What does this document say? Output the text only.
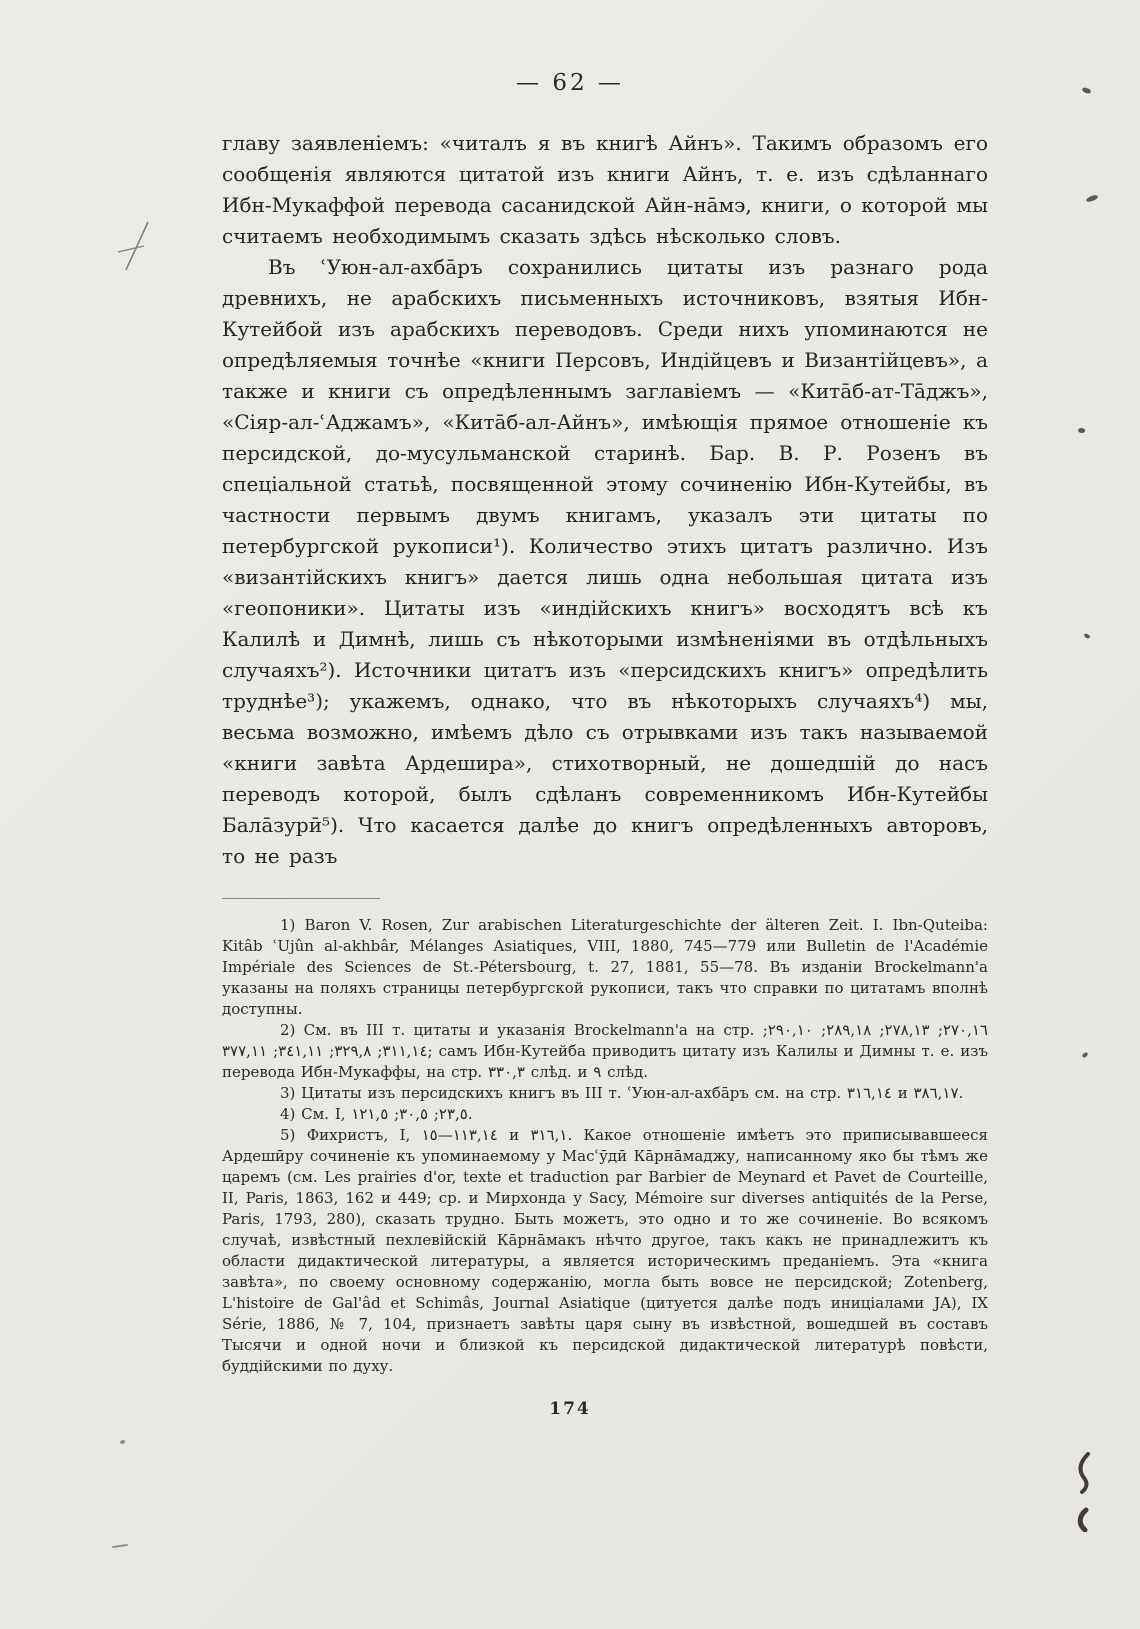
— 62 —

главу заявленіемъ: «читалъ я въ книгѣ Айнъ». Такимъ образомъ его сообщенія являются цитатой изъ книги Айнъ, т. е. изъ сдѣланнаго Ибн-Мукаффой перевода сасанидской Айн-нāмэ, книги, о которой мы считаемъ необходимымъ сказать здѣсь нѣсколько словъ.

Въ ʿУюн-ал-ахбāръ сохранились цитаты изъ разнаго рода древнихъ, не арабскихъ письменныхъ источниковъ, взятыя Ибн-Кутейбой изъ арабскихъ переводовъ. Среди нихъ упоминаются не опредѣляемыя точнѣе «книги Персовъ, Индійцевъ и Византійцевъ», а также и книги съ опредѣленнымъ заглавіемъ — «Китāб-ат-Тāджъ», «Сіяр-ал-ʿАджамъ», «Китāб-ал-Айнъ», имѣющія прямое отношеніе къ персидской, до-мусульманской старинѣ. Бар. В. Р. Розенъ въ спеціальной статьѣ, посвященной этому сочиненію Ибн-Кутейбы, въ частности первымъ двумъ книгамъ, указалъ эти цитаты по петербургской рукописи¹). Количество этихъ цитатъ различно. Изъ «византійскихъ книгъ» дается лишь одна небольшая цитата изъ «геопоники». Цитаты изъ «индійскихъ книгъ» восходятъ всѣ къ Калилѣ и Димнѣ, лишь съ нѣкоторыми измѣненіями въ отдѣльныхъ случаяхъ²). Источники цитатъ изъ «персидскихъ книгъ» опредѣлить труднѣе³); укажемъ, однако, что въ нѣкоторыхъ случаяхъ⁴) мы, весьма возможно, имѣемъ дѣло съ отрывками изъ такъ называемой «книги завѣта Ардешира», стихотворный, не дошедшій до насъ переводъ которой, былъ сдѣланъ современникомъ Ибн-Кутейбы Балāзурӣ⁵). Что касается далѣе до книгъ опредѣленныхъ авторовъ, то не разъ

1) Baron V. Rosen, Zur arabischen Literaturgeschichte der älteren Zeit. I. Ibn-Quteiba: Kitâb ʿUjûn al-akhbâr, Mélanges Asiatiques, VIII, 1880, 745—779 или Bulletin de l'Académie Impériale des Sciences de St.-Pétersbourg, t. 27, 1881, 55—78. Въ изданіи Brockelmann'а указаны на поляхъ страницы петербургской рукописи, такъ что справки по цитатамъ вполнѣ доступны.

2) См. въ III т. цитаты и указанія Brockelmann'а на стр. ٢٧٠,١٦; ٢٧٨,١٣; ٢٨٩,١٨; ٢٩٠,١٠; ٣١١,١٤; ٣٢٩,٨; ٣٤١,١١; ٣٧٧,١١; самъ Ибн-Кутейба приводитъ цитату изъ Калилы и Димны т. е. изъ перевода Ибн-Мукаффы, на стр. ٣٣٠,٣ слѣд. и ٩ слѣд.

3) Цитаты изъ персидскихъ книгъ въ III т. ʿУюн-ал-ахбāръ см. на стр. ٣١٦,١٤ и ٣٨٦,١٧.

4) См. I, ٢٣,٥; ٣٠,٥; ١٢١,٥.

5) Фихристъ, I, ١١٣,١٤—١٥ и ٣١٦,١. Какое отношеніе имѣетъ это приписывавшееся Ардешӣру сочиненіе къ упоминаемому у Масʿӯдӣ Кāрнāмаджу, написанному яко бы тѣмъ же царемъ (см. Les prairies d'or, texte et traduction par Barbier de Meynard et Pavet de Courteille, II, Paris, 1863, 162 и 449; ср. и Мирхонда у Sacy, Mémoire sur diverses antiquités de la Perse, Paris, 1793, 280), сказать трудно. Быть можетъ, это одно и то же сочиненіе. Во всякомъ случаѣ, извѣстный пехлевійскій Кāрнāмакъ нѣчто другое, такъ какъ не принадлежитъ къ области дидактической литературы, а является историческимъ преданіемъ. Эта «книга завѣта», по своему основному содержанію, могла быть вовсе не персидской; Zotenberg, L'histoire de Gal'âd et Schimâs, Journal Asiatique (цитуется далѣе подъ иниціалами JA), IX Série, 1886, № 7, 104, признаетъ завѣты царя сыну въ извѣстной, вошедшей въ составъ Тысячи и одной ночи и близкой къ персидской дидактической литературѣ повѣсти, буддійскими по духу.

174
